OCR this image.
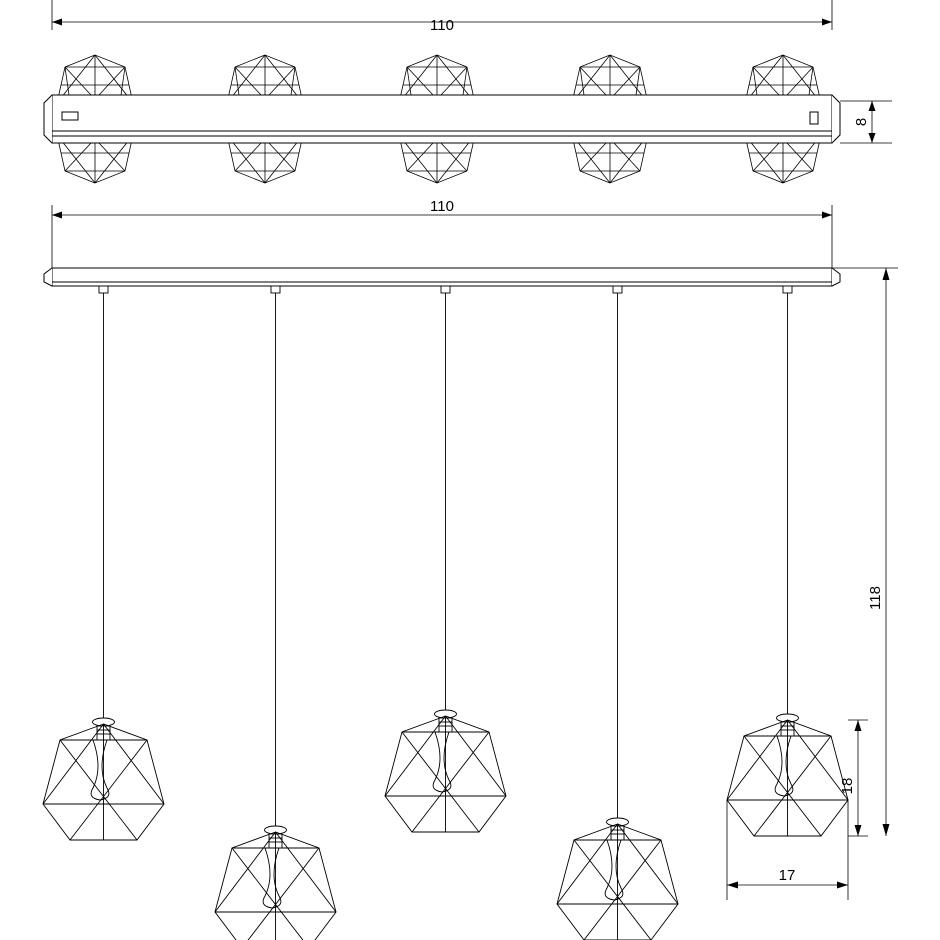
110
8
110
118
18
17
